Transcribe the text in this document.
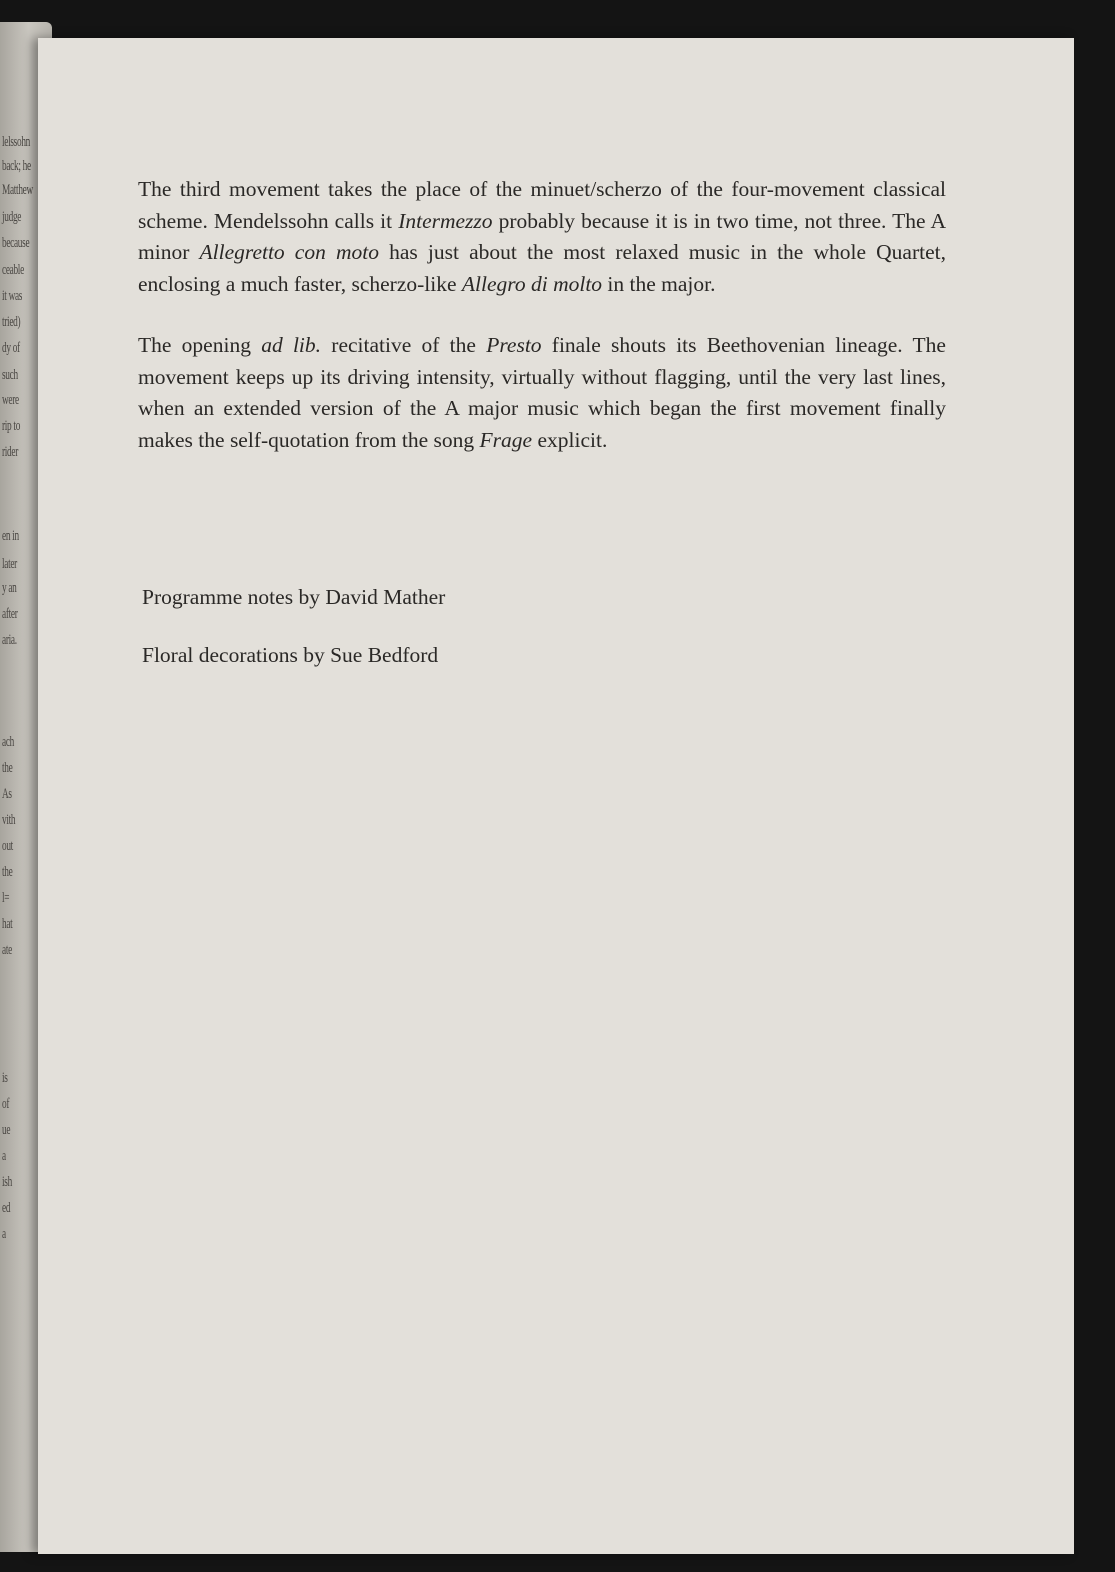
lelssohn
back; he
Matthew
judge
because
ceable
it was
tried)
dy of
such
were
rip to
rider
en in
later
y an
after
aria.
ach
the
As
vith
out
the
l=
hat
ate
is
of
ue
a
ish
ed
a

The third movement takes the place of the minuet/scherzo of the four-movement classical scheme. Mendelssohn calls it Intermezzo probably because it is in two time, not three. The A minor Allegretto con moto has just about the most relaxed music in the whole Quartet, enclosing a much faster, scherzo-like Allegro di molto in the major.

The opening ad lib. recitative of the Presto finale shouts its Beethovenian lineage. The movement keeps up its driving intensity, virtually without flagging, until the very last lines, when an extended version of the A major music which began the first movement finally makes the self-quotation from the song Frage explicit.

Programme notes by David Mather

Floral decorations by Sue Bedford
